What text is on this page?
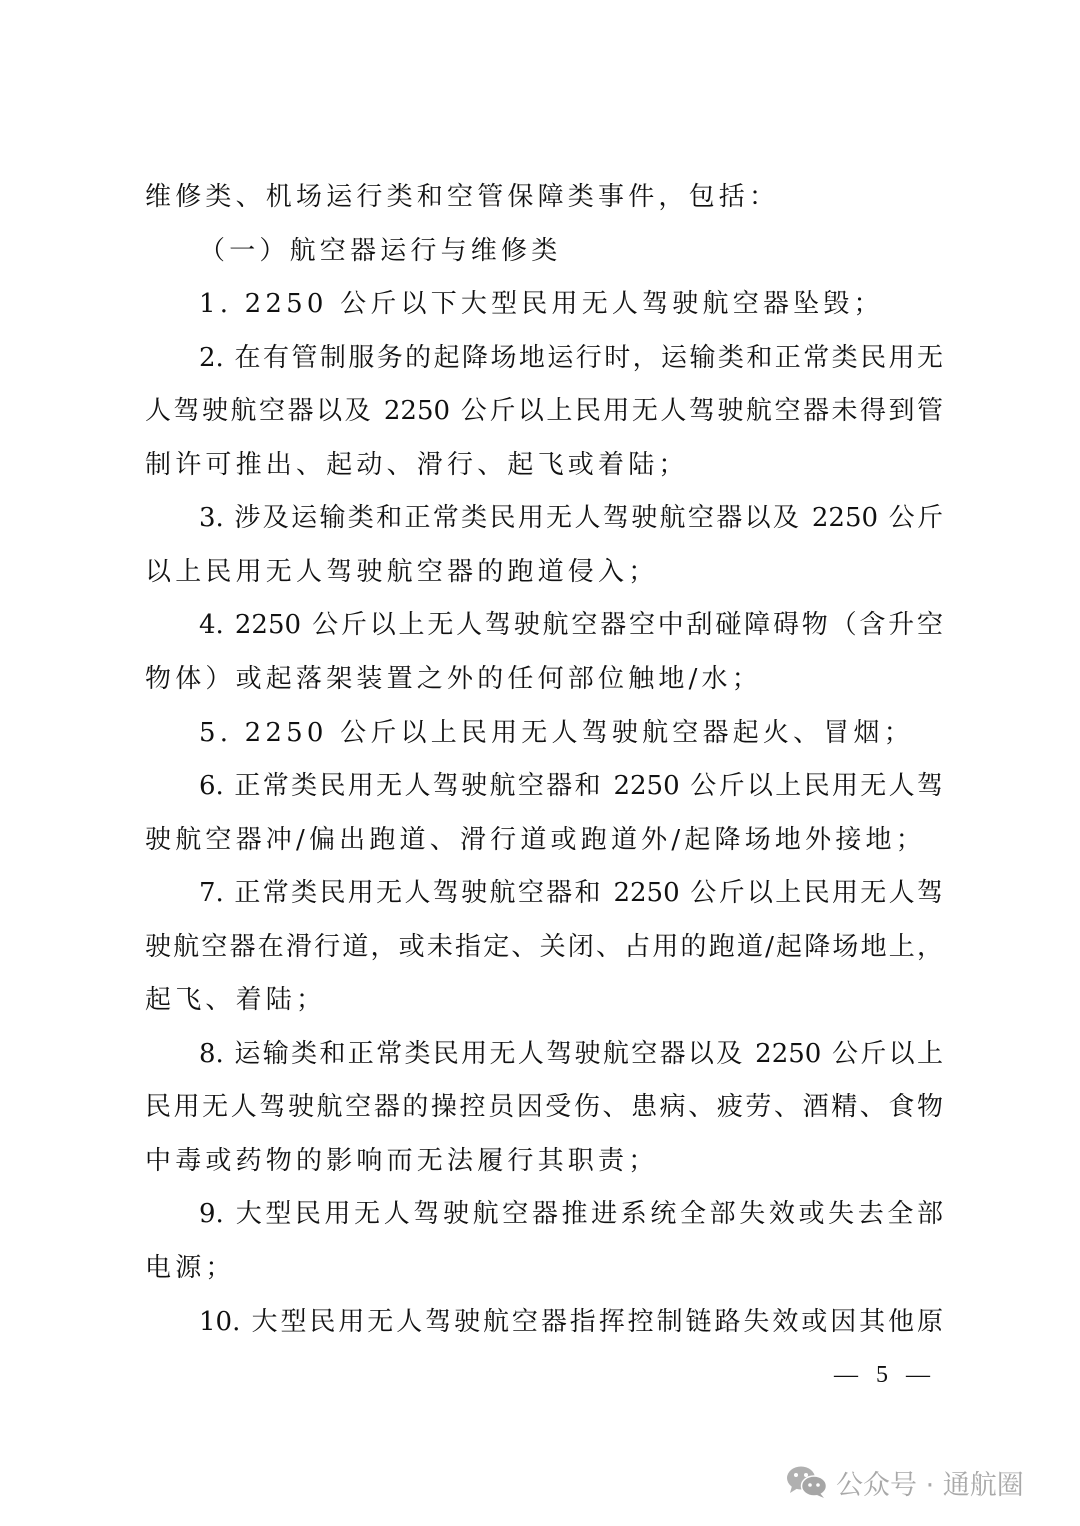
维修类、机场运行类和空管保障类事件，包括：
（一）航空器运行与维修类
1. 2250 公斤以下大型民用无人驾驶航空器坠毁；
2. 在有管制服务的起降场地运行时，运输类和正常类民用无
人驾驶航空器以及 2250 公斤以上民用无人驾驶航空器未得到管
制许可推出、起动、滑行、起飞或着陆；
3. 涉及运输类和正常类民用无人驾驶航空器以及 2250 公斤
以上民用无人驾驶航空器的跑道侵入；
4. 2250 公斤以上无人驾驶航空器空中刮碰障碍物（含升空
物体）或起落架装置之外的任何部位触地/水；
5. 2250 公斤以上民用无人驾驶航空器起火、冒烟；
6. 正常类民用无人驾驶航空器和 2250 公斤以上民用无人驾
驶航空器冲/偏出跑道、滑行道或跑道外/起降场地外接地；
7. 正常类民用无人驾驶航空器和 2250 公斤以上民用无人驾
驶航空器在滑行道，或未指定、关闭、占用的跑道/起降场地上，
起飞、着陆；
8. 运输类和正常类民用无人驾驶航空器以及 2250 公斤以上
民用无人驾驶航空器的操控员因受伤、患病、疲劳、酒精、食物
中毒或药物的影响而无法履行其职责；
9. 大型民用无人驾驶航空器推进系统全部失效或失去全部
电源；
10. 大型民用无人驾驶航空器指挥控制链路失效或因其他原
— 5 —
公众号 · 通航圈
